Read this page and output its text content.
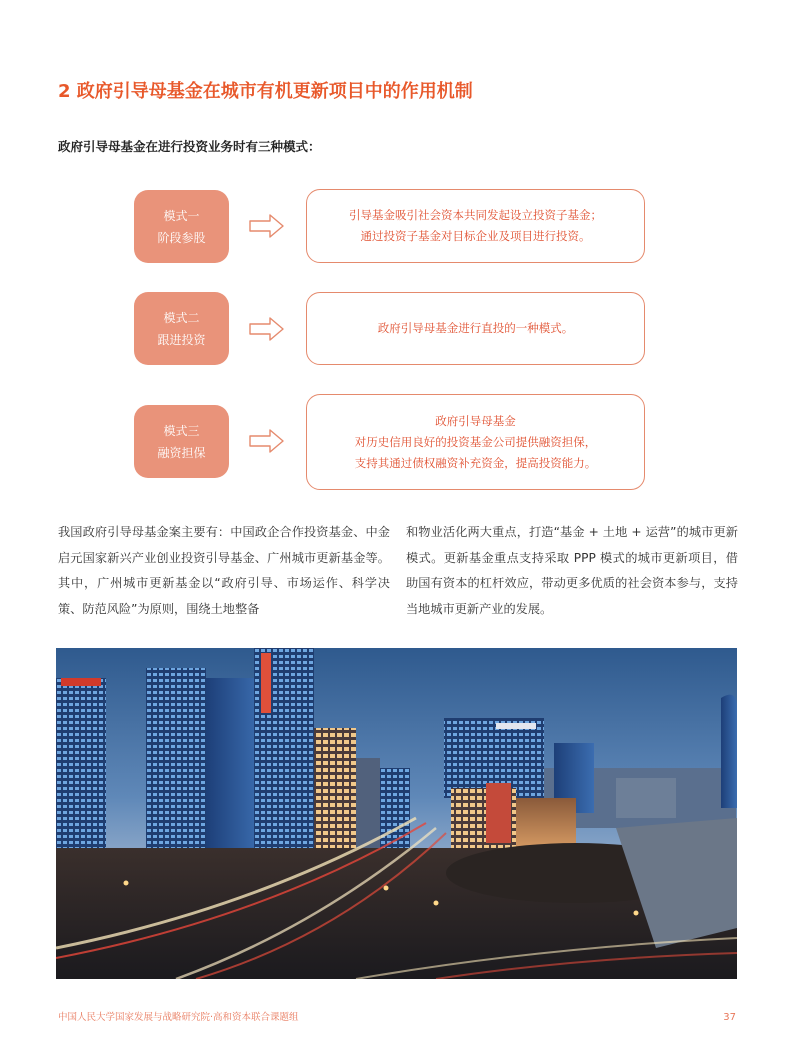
2 政府引导母基金在城市有机更新项目中的作用机制
政府引导母基金在进行投资业务时有三种模式：
模式一
阶段参股
引导基金吸引社会资本共同发起设立投资子基金；
通过投资子基金对目标企业及项目进行投资。
模式二
跟进投资
政府引导母基金进行直投的一种模式。
模式三
融资担保
政府引导母基金
对历史信用良好的投资基金公司提供融资担保，
支持其通过债权融资补充资金，提高投资能力。

我国政府引导母基金案主要有：中国政企合作投资基金、中金启元国家新兴产业创业投资引导基金、广州城市更新基金等。其中，广州城市更新基金以“政府引导、市场运作、科学决策、防范风险”为原则，围绕土地整备

和物业活化两大重点，打造“基金 + 土地 + 运营”的城市更新模式。更新基金重点支持采取 PPP 模式的城市更新项目，借助国有资本的杠杆效应，带动更多优质的社会资本参与，支持当地城市更新产业的发展。

中国人民大学国家发展与战略研究院·高和资本联合课题组	37
